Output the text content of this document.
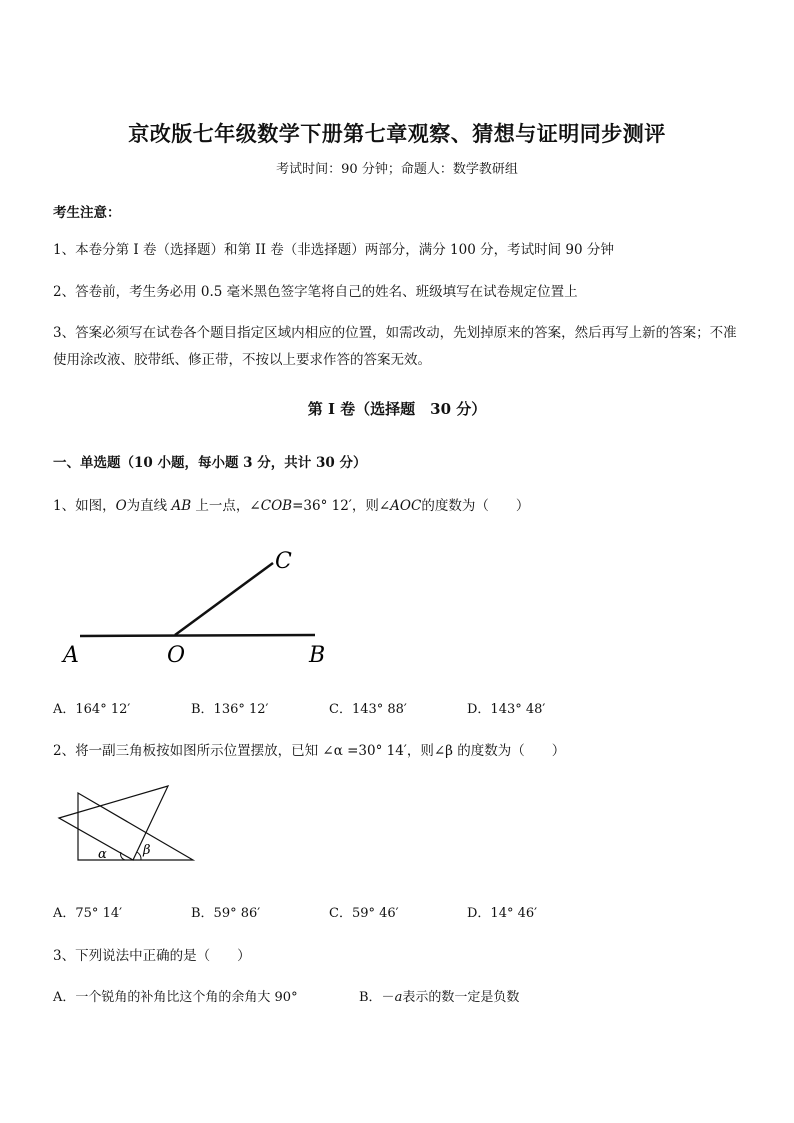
京改版七年级数学下册第七章观察、猜想与证明同步测评
考试时间：90 分钟；命题人：数学教研组
考生注意：
1、本卷分第 I 卷（选择题）和第 II 卷（非选择题）两部分，满分 100 分，考试时间 90 分钟
2、答卷前，考生务必用 0.5 毫米黑色签字笔将自己的姓名、班级填写在试卷规定位置上
3、答案必须写在试卷各个题目指定区域内相应的位置，如需改动，先划掉原来的答案，然后再写上新的答案；不准使用涂改液、胶带纸、修正带，不按以上要求作答的答案无效。
第 I 卷（选择题　30 分）
一、单选题（10 小题，每小题 3 分，共计 30 分）
1、如图，O为直线 AB 上一点，∠COB=36° 12′，则∠AOC的度数为（　　）
A	O	B
C
A．164° 12′	B．136° 12′	C．143° 88′	D．143° 48′
2、将一副三角板按如图所示位置摆放，已知 ∠α =30° 14′，则∠β 的度数为（　　）
α	β
A．75° 14′	B．59° 86′	C．59° 46′	D．14° 46′
3、下列说法中正确的是（　　）
A．一个锐角的补角比这个角的余角大 90°	B．－a表示的数一定是负数
